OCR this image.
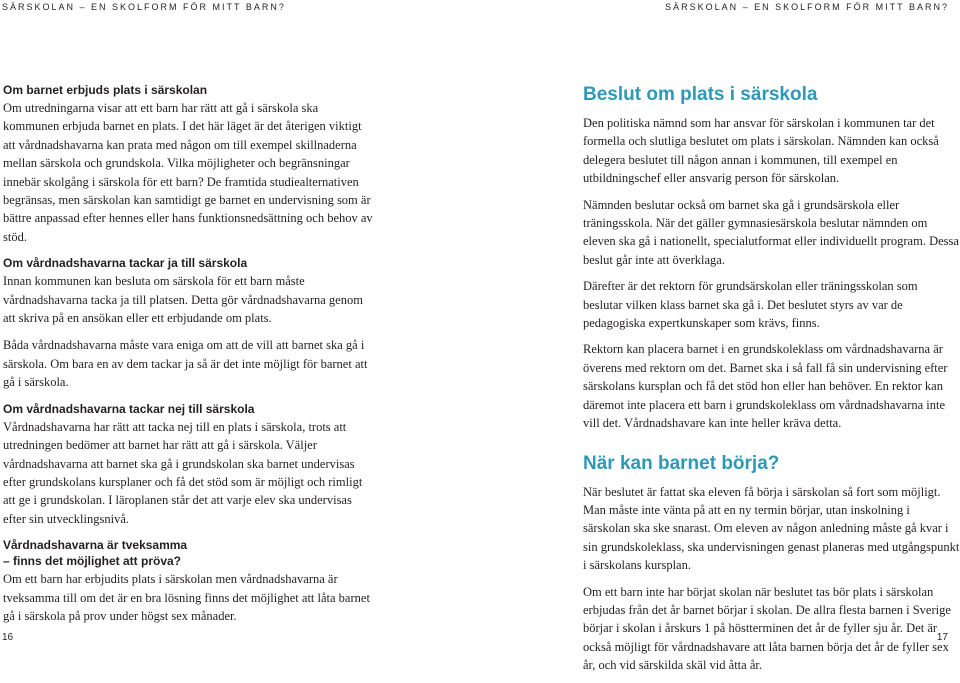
SÄRSKOLAN – EN SKOLFORM FÖR MITT BARN?	SÄRSKOLAN – EN SKOLFORM FÖR MITT BARN?
Om barnet erbjuds plats i särskolan

Om utredningarna visar att ett barn har rätt att gå i särskola ska kommunen erbjuda barnet en plats. I det här läget är det återigen viktigt att vårdnadshavarna kan prata med någon om till exempel skillnaderna mellan särskola och grundskola. Vilka möjligheter och begränsningar innebär skolgång i särskola för ett barn? De framtida studiealternativen begränsas, men särskolan kan samtidigt ge barnet en undervisning som är bättre anpassad efter hennes eller hans funktionsnedsättning och behov av stöd.

Om vårdnadshavarna tackar ja till särskola

Innan kommunen kan besluta om särskola för ett barn måste vårdnadshavarna tacka ja till platsen. Detta gör vårdnadshavarna genom att skriva på en ansökan eller ett erbjudande om plats.

Båda vårdnadshavarna måste vara eniga om att de vill att barnet ska gå i särskola. Om bara en av dem tackar ja så är det inte möjligt för barnet att gå i särskola.

Om vårdnadshavarna tackar nej till särskola

Vårdnadshavarna har rätt att tacka nej till en plats i särskola, trots att utredningen bedömer att barnet har rätt att gå i särskola. Väljer vårdnadshavarna att barnet ska gå i grundskolan ska barnet undervisas efter grundskolans kursplaner och få det stöd som är möjligt och rimligt att ge i grundskolan. I läroplanen står det att varje elev ska undervisas efter sin utvecklingsnivå.

Vårdnadshavarna är tveksamma
– finns det möjlighet att pröva?

Om ett barn har erbjudits plats i särskolan men vårdnadshavarna är tveksamma till om det är en bra lösning finns det möjlighet att låta barnet gå i särskola på prov under högst sex månader.

Beslut om plats i särskola

Den politiska nämnd som har ansvar för särskolan i kommunen tar det formella och slutliga beslutet om plats i särskolan. Nämnden kan också delegera beslutet till någon annan i kommunen, till exempel en utbildningschef eller ansvarig person för särskolan.

Nämnden beslutar också om barnet ska gå i grundsärskola eller träningsskola. När det gäller gymnasiesärskola beslutar nämnden om eleven ska gå i nationellt, specialutformat eller individuellt program. Dessa beslut går inte att överklaga.

Därefter är det rektorn för grundsärskolan eller träningsskolan som beslutar vilken klass barnet ska gå i. Det beslutet styrs av var de pedagogiska expertkunskaper som krävs, finns.

Rektorn kan placera barnet i en grundskoleklass om vårdnadshavarna är överens med rektorn om det. Barnet ska i så fall få sin undervisning efter särskolans kursplan och få det stöd hon eller han behöver. En rektor kan däremot inte placera ett barn i grundskoleklass om vårdnadshavarna inte vill det. Vårdnadshavare kan inte heller kräva detta.

När kan barnet börja?

När beslutet är fattat ska eleven få börja i särskolan så fort som möjligt. Man måste inte vänta på att en ny termin börjar, utan inskolning i särskolan ska ske snarast. Om eleven av någon anledning måste gå kvar i sin grundskoleklass, ska undervisningen genast planeras med utgångspunkt i särskolans kursplan.

Om ett barn inte har börjat skolan när beslutet tas bör plats i särskolan erbjudas från det år barnet börjar i skolan. De allra flesta barnen i Sverige börjar i skolan i årskurs 1 på höstterminen det år de fyller sju år. Det är också möjligt för vårdnadshavare att låta barnen börja det år de fyller sex år, och vid särskilda skäl vid åtta år.

16	17
